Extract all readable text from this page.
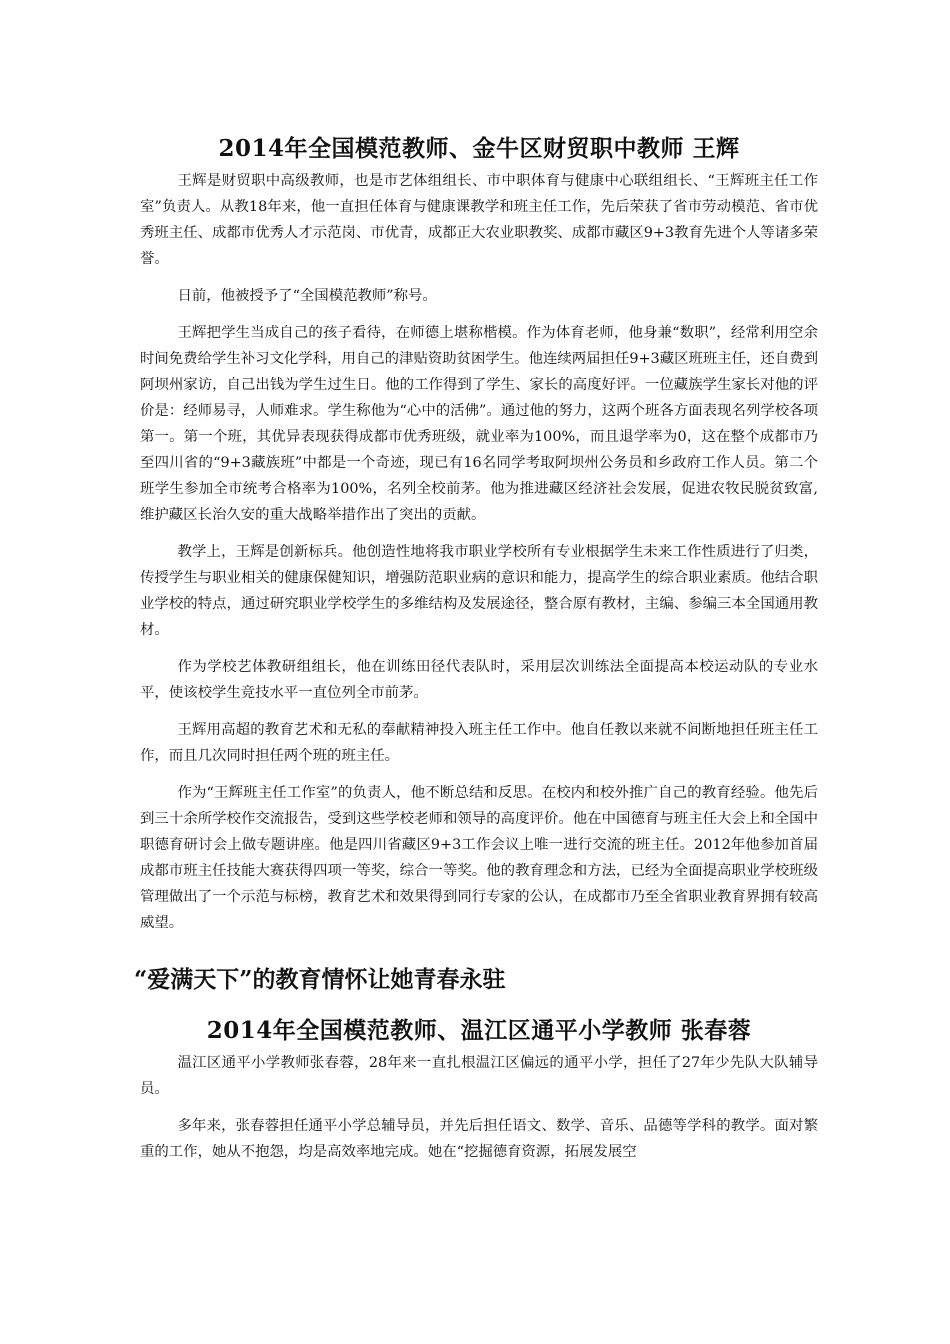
2014年全国模范教师、金牛区财贸职中教师 王辉

王辉是财贸职中高级教师，也是市艺体组组长、市中职体育与健康中心联组组长、“王辉班主任工作室”负责人。从教18年来，他一直担任体育与健康课教学和班主任工作，先后荣获了省市劳动模范、省市优秀班主任、成都市优秀人才示范岗、市优青，成都正大农业职教奖、成都市藏区9+3教育先进个人等诸多荣誉。

日前，他被授予了“全国模范教师”称号。

王辉把学生当成自己的孩子看待，在师德上堪称楷模。作为体育老师，他身兼“数职”，经常利用空余时间免费给学生补习文化学科，用自己的津贴资助贫困学生。他连续两届担任9+3藏区班班主任，还自费到阿坝州家访，自己出钱为学生过生日。他的工作得到了学生、家长的高度好评。一位藏族学生家长对他的评价是：经师易寻，人师难求。学生称他为“心中的活佛”。通过他的努力，这两个班各方面表现名列学校各项第一。第一个班，其优异表现获得成都市优秀班级，就业率为100%，而且退学率为0，这在整个成都市乃至四川省的“9+3藏族班”中都是一个奇迹，现已有16名同学考取阿坝州公务员和乡政府工作人员。第二个班学生参加全市统考合格率为100%，名列全校前茅。他为推进藏区经济社会发展，促进农牧民脱贫致富,维护藏区长治久安的重大战略举措作出了突出的贡献。

教学上，王辉是创新标兵。他创造性地将我市职业学校所有专业根据学生未来工作性质进行了归类，传授学生与职业相关的健康保健知识，增强防范职业病的意识和能力，提高学生的综合职业素质。他结合职业学校的特点，通过研究职业学校学生的多维结构及发展途径，整合原有教材，主编、参编三本全国通用教材。

作为学校艺体教研组组长，他在训练田径代表队时，采用层次训练法全面提高本校运动队的专业水平，使该校学生竞技水平一直位列全市前茅。

王辉用高超的教育艺术和无私的奉献精神投入班主任工作中。他自任教以来就不间断地担任班主任工作，而且几次同时担任两个班的班主任。

作为“王辉班主任工作室”的负责人，他不断总结和反思。在校内和校外推广自己的教育经验。他先后到三十余所学校作交流报告，受到这些学校老师和领导的高度评价。他在中国德育与班主任大会上和全国中职德育研讨会上做专题讲座。他是四川省藏区9+3工作会议上唯一进行交流的班主任。2012年他参加首届成都市班主任技能大赛获得四项一等奖，综合一等奖。他的教育理念和方法，已经为全面提高职业学校班级管理做出了一个示范与标榜，教育艺术和效果得到同行专家的公认，在成都市乃至全省职业教育界拥有较高威望。

“爱满天下”的教育情怀让她青春永驻
2014年全国模范教师、温江区通平小学教师 张春蓉

温江区通平小学教师张春蓉，28年来一直扎根温江区偏远的通平小学，担任了27年少先队大队辅导员。

多年来，张春蓉担任通平小学总辅导员，并先后担任语文、数学、音乐、品德等学科的教学。面对繁重的工作，她从不抱怨，均是高效率地完成。她在“挖掘德育资源，拓展发展空
